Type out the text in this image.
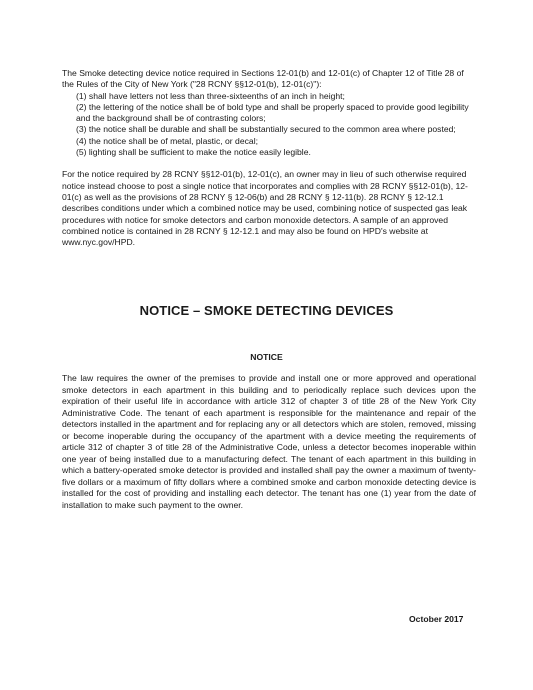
The Smoke detecting device notice required in Sections 12-01(b) and 12-01(c) of Chapter 12 of Title 28 of the Rules of the City of New York ("28 RCNY §§12-01(b), 12-01(c)"):

(1) shall have letters not less than three-sixteenths of an inch in height;

(2) the lettering of the notice shall be of bold type and shall be properly spaced to provide good legibility and the background shall be of contrasting colors;

(3) the notice shall be durable and shall be substantially secured to the common area where posted;

(4) the notice shall be of metal, plastic, or decal;

(5) lighting shall be sufficient to make the notice easily legible.

For the notice required by 28 RCNY §§12-01(b), 12-01(c), an owner may in lieu of such otherwise required notice instead choose to post a single notice that incorporates and complies with 28 RCNY §§12-01(b), 12-01(c) as well as the provisions of 28 RCNY § 12-06(b) and 28 RCNY § 12-11(b). 28 RCNY § 12-12.1 describes conditions under which a combined notice may be used, combining notice of suspected gas leak procedures with notice for smoke detectors and carbon monoxide detectors. A sample of an approved combined notice is contained in 28 RCNY § 12-12.1 and may also be found on HPD's website at www.nyc.gov/HPD.

NOTICE – SMOKE DETECTING DEVICES
NOTICE

The law requires the owner of the premises to provide and install one or more approved and operational smoke detectors in each apartment in this building and to periodically replace such devices upon the expiration of their useful life in accordance with article 312 of chapter 3 of title 28 of the New York City Administrative Code. The tenant of each apartment is responsible for the maintenance and repair of the detectors installed in the apartment and for replacing any or all detectors which are stolen, removed, missing or become inoperable during the occupancy of the apartment with a device meeting the requirements of article 312 of chapter 3 of title 28 of the Administrative Code, unless a detector becomes inoperable within one year of being installed due to a manufacturing defect. The tenant of each apartment in this building in which a battery-operated smoke detector is provided and installed shall pay the owner a maximum of twenty-five dollars or a maximum of fifty dollars where a combined smoke and carbon monoxide detecting device is installed for the cost of providing and installing each detector. The tenant has one (1) year from the date of installation to make such payment to the owner.

October 2017
